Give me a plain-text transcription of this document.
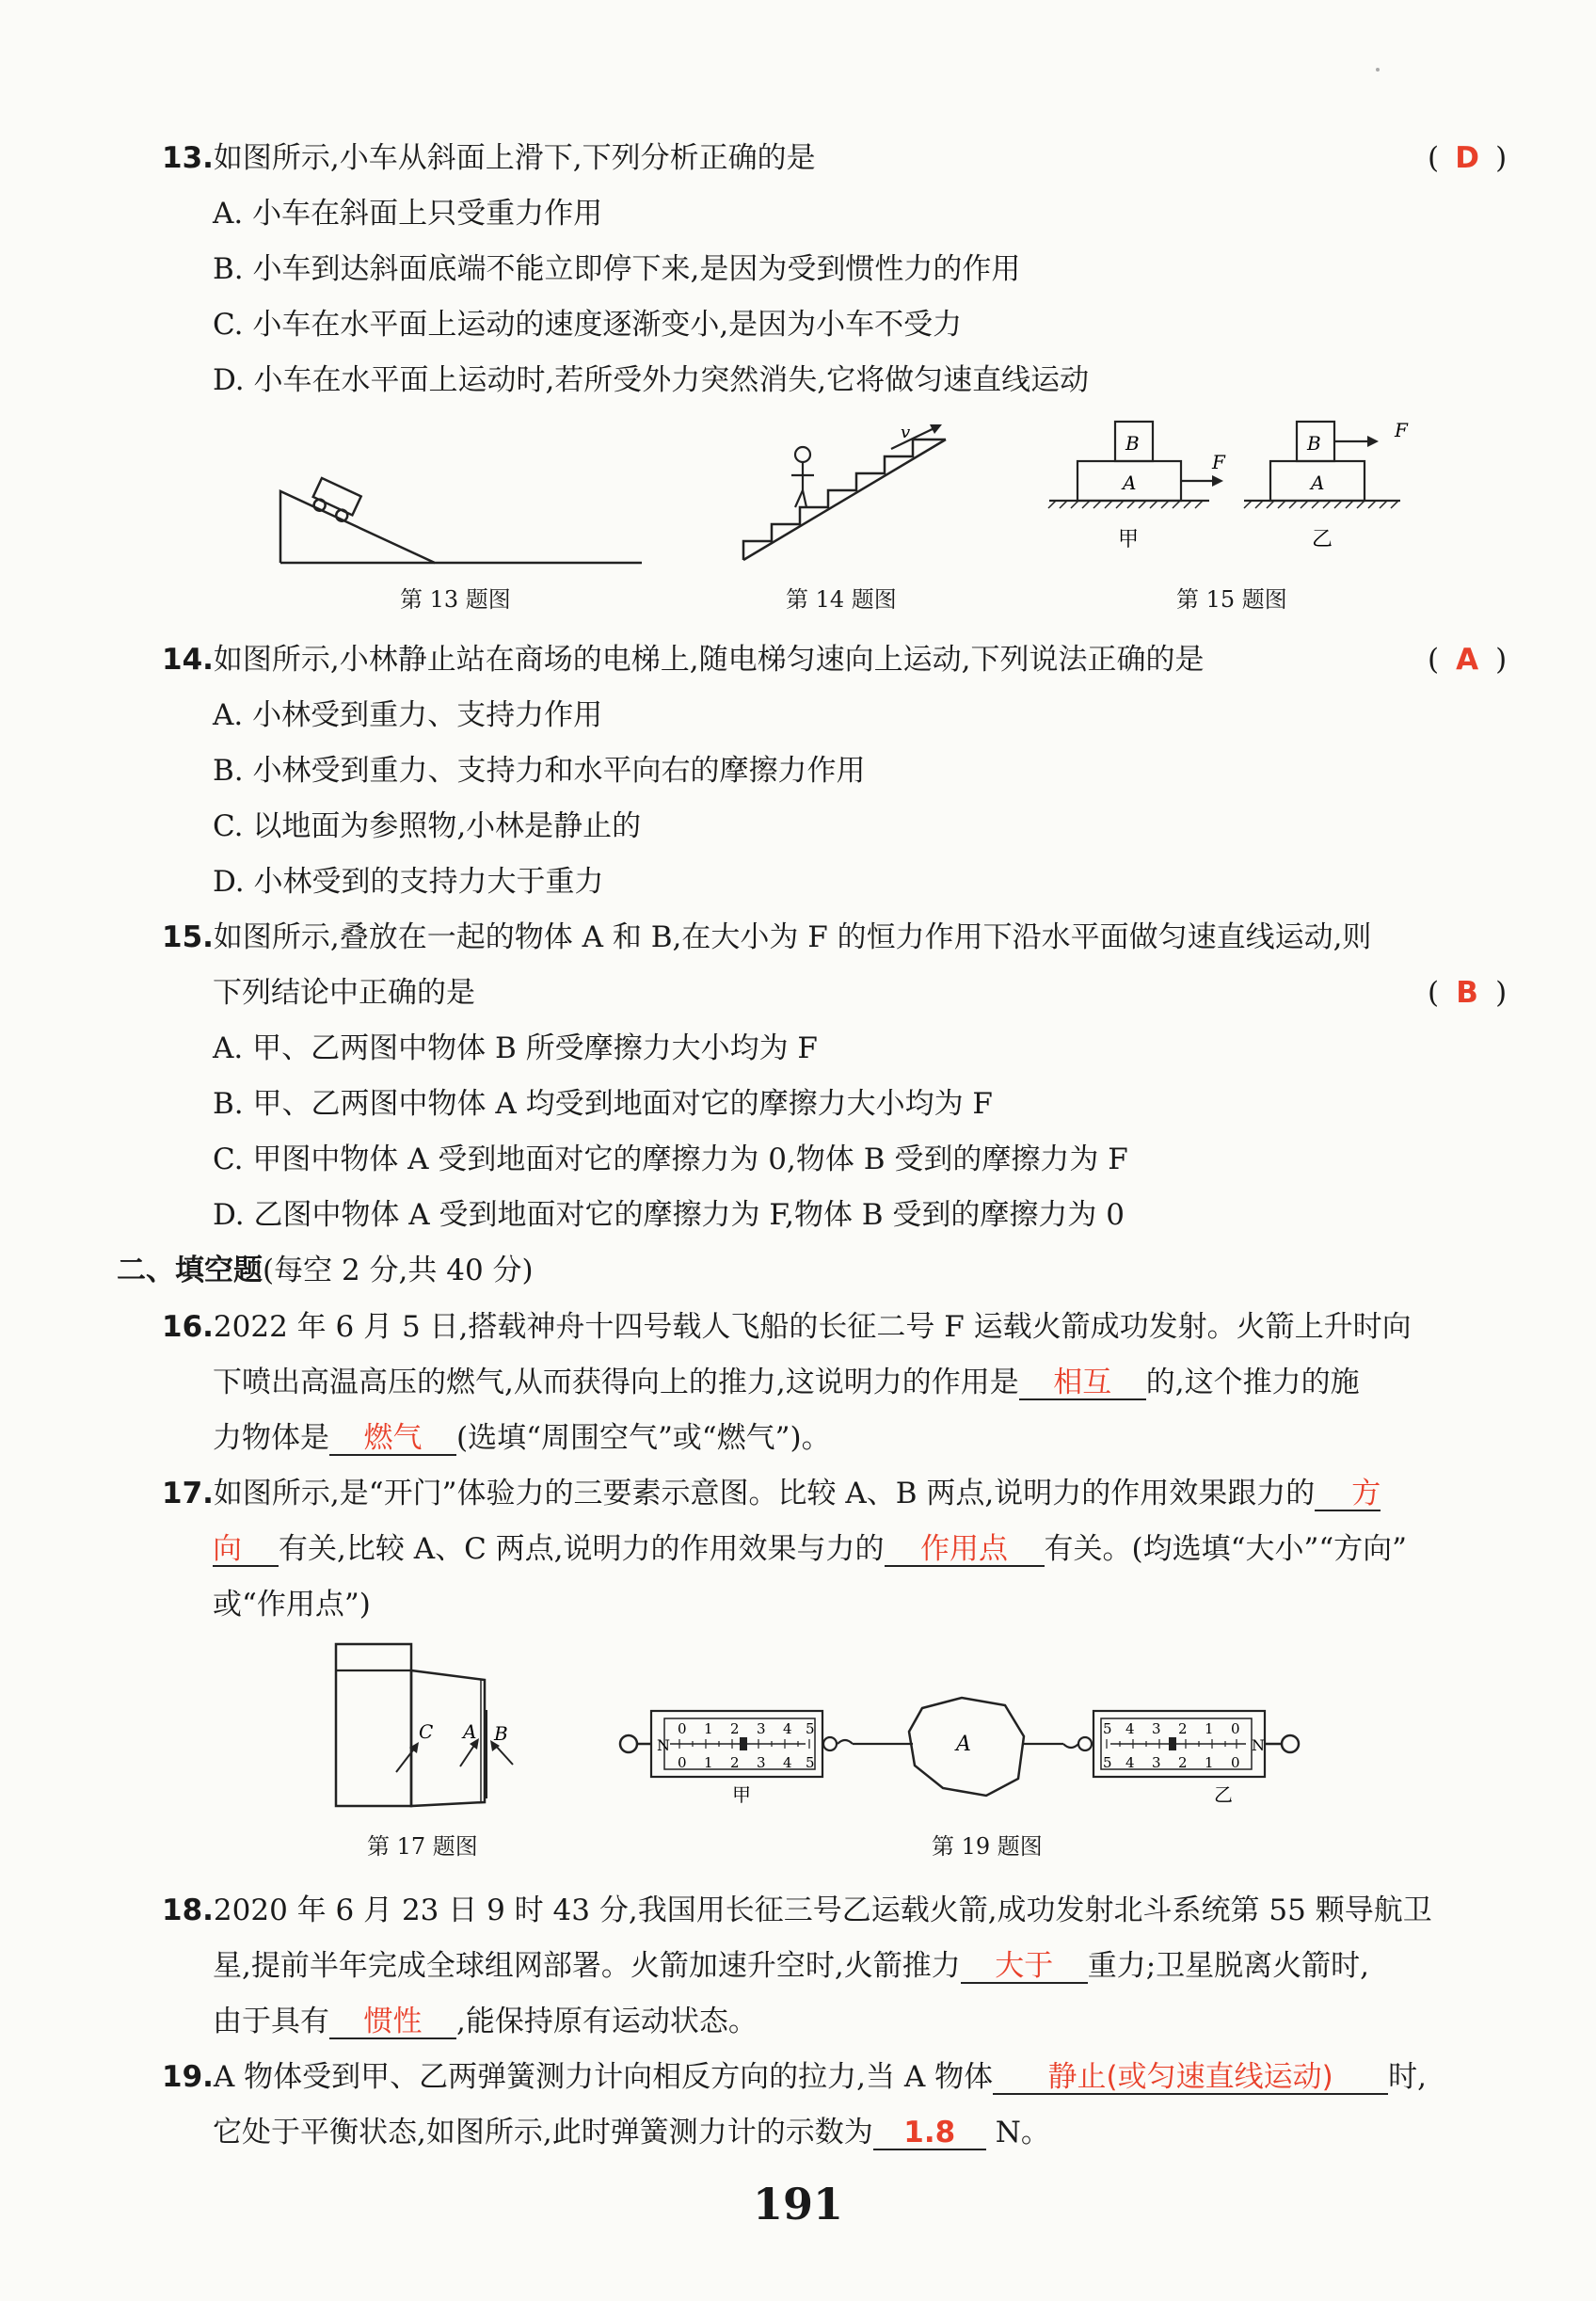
13.如图所示,小车从斜面上滑下,下列分析正确的是	( D )
A. 小车在斜面上只受重力作用
B. 小车到达斜面底端不能立即停下来,是因为受到惯性力的作用
C. 小车在水平面上运动的速度逐渐变小,是因为小车不受力
D. 小车在水平面上运动时,若所受外力突然消失,它将做匀速直线运动
第 13 题图
v
第 14 题图
B
A
F
甲
B
F
A
乙
第 15 题图
14.如图所示,小林静止站在商场的电梯上,随电梯匀速向上运动,下列说法正确的是	( A )
A. 小林受到重力、支持力作用
B. 小林受到重力、支持力和水平向右的摩擦力作用
C. 以地面为参照物,小林是静止的
D. 小林受到的支持力大于重力
15.如图所示,叠放在一起的物体 A 和 B,在大小为 F 的恒力作用下沿水平面做匀速直线运动,则
下列结论中正确的是	( B )
A. 甲、乙两图中物体 B 所受摩擦力大小均为 F
B. 甲、乙两图中物体 A 均受到地面对它的摩擦力大小均为 F
C. 甲图中物体 A 受到地面对它的摩擦力为 0,物体 B 受到的摩擦力为 F
D. 乙图中物体 A 受到地面对它的摩擦力为 F,物体 B 受到的摩擦力为 0
二、填空题(每空 2 分,共 40 分)
16.2022 年 6 月 5 日,搭载神舟十四号载人飞船的长征二号 F 运载火箭成功发射。火箭上升时向
下喷出高温高压的燃气,从而获得向上的推力,这说明力的作用是 相互 的,这个推力的施
力物体是 燃气 (选填“周围空气”或“燃气”)。
17.如图所示,是“开门”体验力的三要素示意图。比较 A、B 两点,说明力的作用效果跟力的 方
向 有关,比较 A、C 两点,说明力的作用效果与力的 作用点 有关。(均选填“大小”“方向”
或“作用点”)
C A B
第 17 题图
N
0 1 2 3 4 5
0 1 2 3 4 5
甲
A	N
5 4 3 2 1 0
5 4 3 2 1 0
乙
第 19 题图
18.2020 年 6 月 23 日 9 时 43 分,我国用长征三号乙运载火箭,成功发射北斗系统第 55 颗导航卫
星,提前半年完成全球组网部署。火箭加速升空时,火箭推力 大于 重力;卫星脱离火箭时,
由于具有 惯性 ,能保持原有运动状态。
19.A 物体受到甲、乙两弹簧测力计向相反方向的拉力,当 A 物体 静止(或匀速直线运动) 时,
它处于平衡状态,如图所示,此时弹簧测力计的示数为 1.8 N。
191
